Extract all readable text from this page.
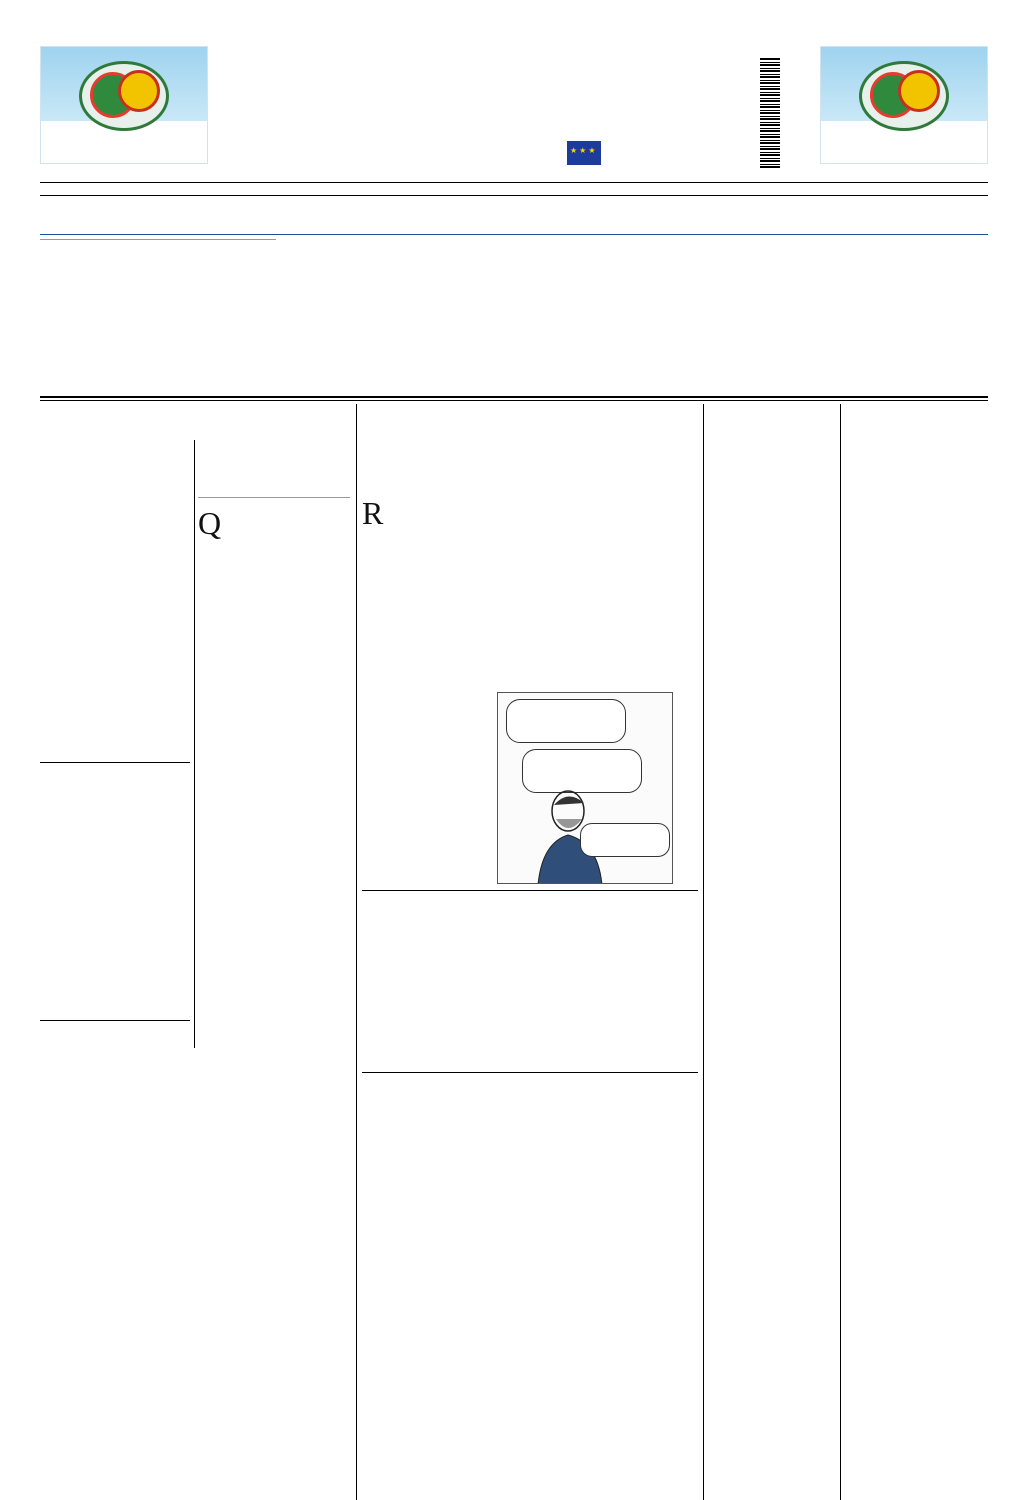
★ ★ ★

Q	R
